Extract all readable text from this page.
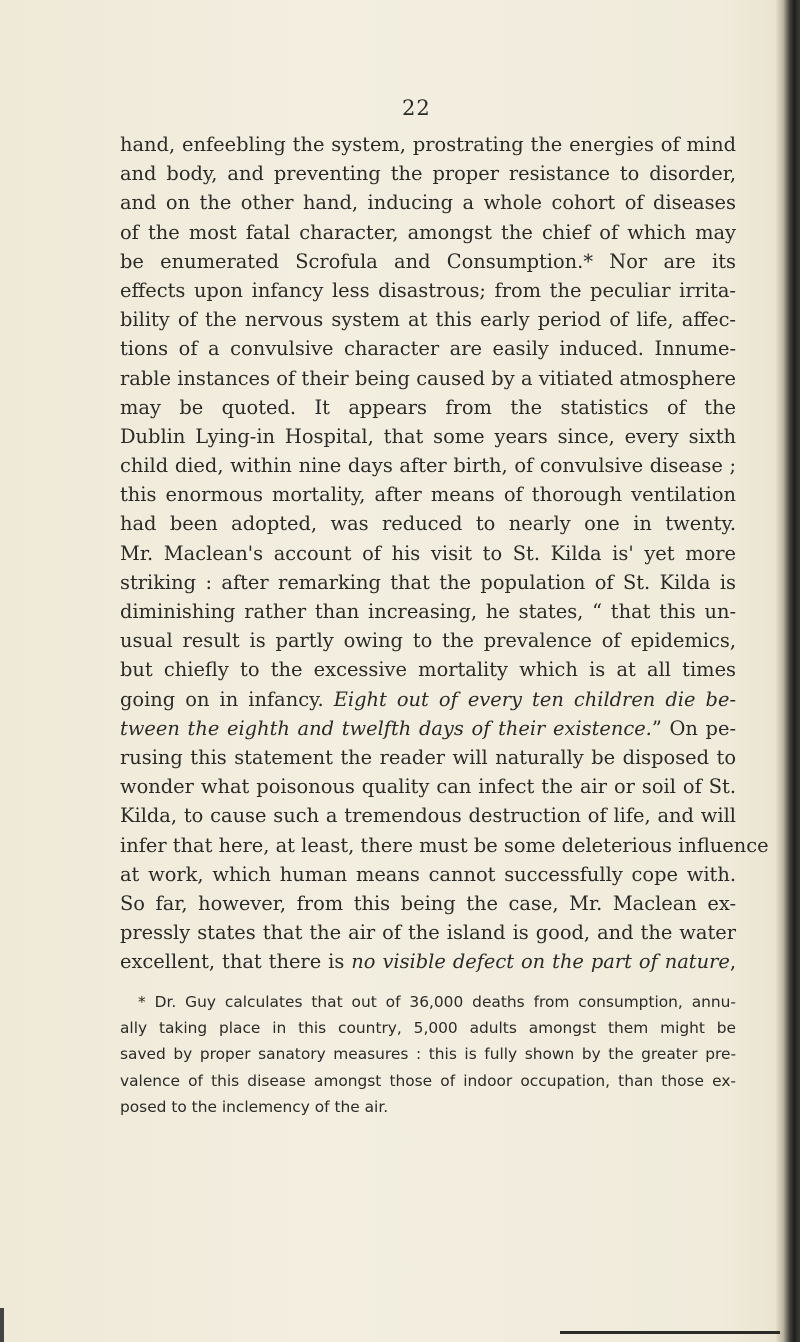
22
hand, enfeebling the system, prostrating the energies of mind
and body, and preventing the proper resistance to disorder,
and on the other hand, inducing a whole cohort of diseases
of the most fatal character, amongst the chief of which may
be enumerated Scrofula and Consumption.* Nor are its
effects upon infancy less disastrous; from the peculiar irrita-
bility of the nervous system at this early period of life, affec-
tions of a convulsive character are easily induced. Innume-
rable instances of their being caused by a vitiated atmosphere
may be quoted. It appears from the statistics of the
Dublin Lying-in Hospital, that some years since, every sixth
child died, within nine days after birth, of convulsive disease ;
this enormous mortality, after means of thorough ventilation
had been adopted, was reduced to nearly one in twenty.
Mr. Maclean's account of his visit to St. Kilda is' yet more
striking : after remarking that the population of St. Kilda is
diminishing rather than increasing, he states, “ that this un-
usual result is partly owing to the prevalence of epidemics,
but chiefly to the excessive mortality which is at all times
going on in infancy. Eight out of every ten children die be-
tween the eighth and twelfth days of their existence.” On pe-
rusing this statement the reader will naturally be disposed to
wonder what poisonous quality can infect the air or soil of St.
Kilda, to cause such a tremendous destruction of life, and will
infer that here, at least, there must be some deleterious influence
at work, which human means cannot successfully cope with.
So far, however, from this being the case, Mr. Maclean ex-
pressly states that the air of the island is good, and the water
excellent, that there is no visible defect on the part of nature,
* Dr. Guy calculates that out of 36,000 deaths from consumption, annu-
ally taking place in this country, 5,000 adults amongst them might be
saved by proper sanatory measures : this is fully shown by the greater pre-
valence of this disease amongst those of indoor occupation, than those ex-
posed to the inclemency of the air.
